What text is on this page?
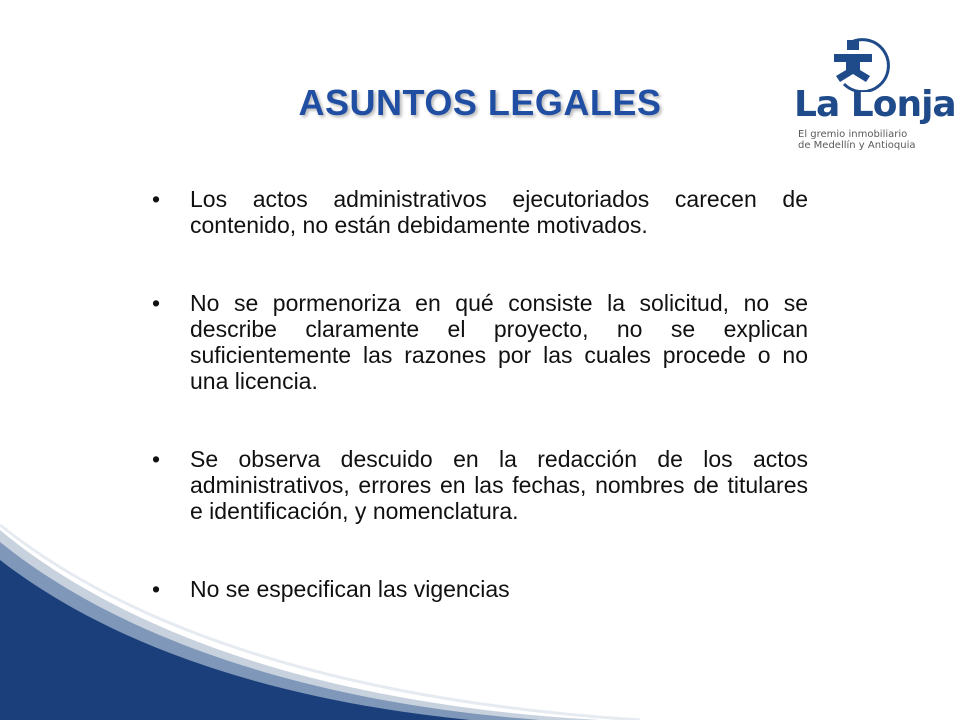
ASUNTOS LEGALES	La Lonja
El gremio inmobiliario
de Medellín y Antioquia
• Los actos administrativos ejecutoriados carecen de contenido, no están debidamente motivados.
• No se pormenoriza en qué consiste la solicitud, no se describe claramente el proyecto, no se explican suficientemente las razones por las cuales procede o no una licencia.
• Se observa descuido en la redacción de los actos administrativos, errores en las fechas, nombres de titulares e identificación, y nomenclatura.
• No se especifican las vigencias
